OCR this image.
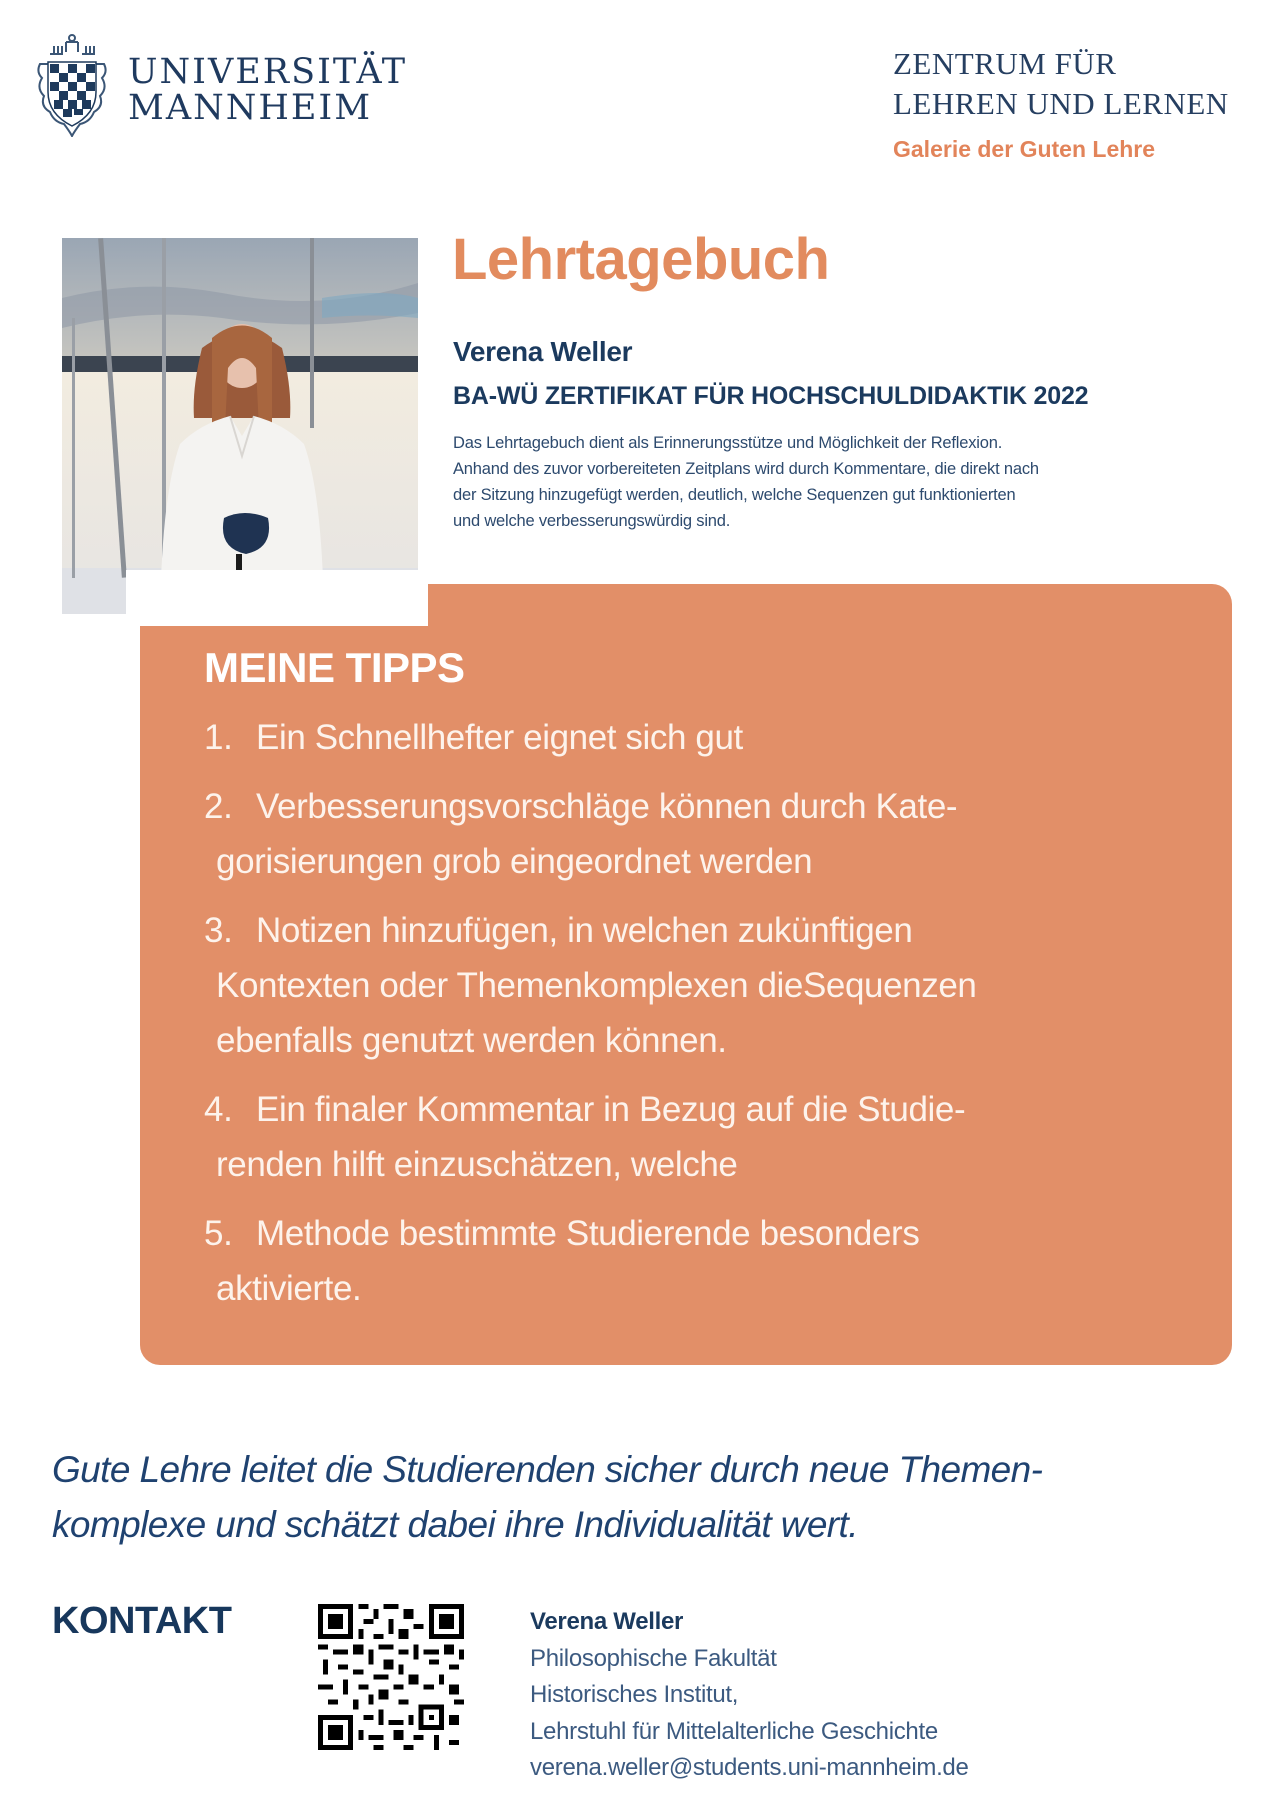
UNIVERSITÄT
MANNHEIM
ZENTRUM FÜR
LEHREN UND LERNEN
Galerie der Guten Lehre
Lehrtagebuch
Verena Weller
BA-WÜ ZERTIFIKAT FÜR HOCHSCHULDIDAKTIK 2022
Das Lehrtagebuch dient als Erinnerungsstütze und Möglichkeit der Reflexion.
Anhand des zuvor vorbereiteten Zeitplans wird durch Kommentare, die direkt nach
der Sitzung hinzugefügt werden, deutlich, welche Sequenzen gut funktionierten
und welche verbesserungswürdig sind.
MEINE TIPPS
1. Ein Schnellhefter eignet sich gut
2. Verbesserungsvorschläge können durch Kate-
gorisierungen grob eingeordnet werden
3. Notizen hinzufügen, in welchen zukünftigen
Kontexten oder Themenkomplexen dieSequenzen
ebenfalls genutzt werden können.
4. Ein finaler Kommentar in Bezug auf die Studie-
renden hilft einzuschätzen, welche
5. Methode bestimmte Studierende besonders
aktivierte.
Gute Lehre leitet die Studierenden sicher durch neue Themen-
komplexe und schätzt dabei ihre Individualität wert.
KONTAKT	Verena Weller
Philosophische Fakultät
Historisches Institut,
Lehrstuhl für Mittelalterliche Geschichte
verena.weller@students.uni-mannheim.de
